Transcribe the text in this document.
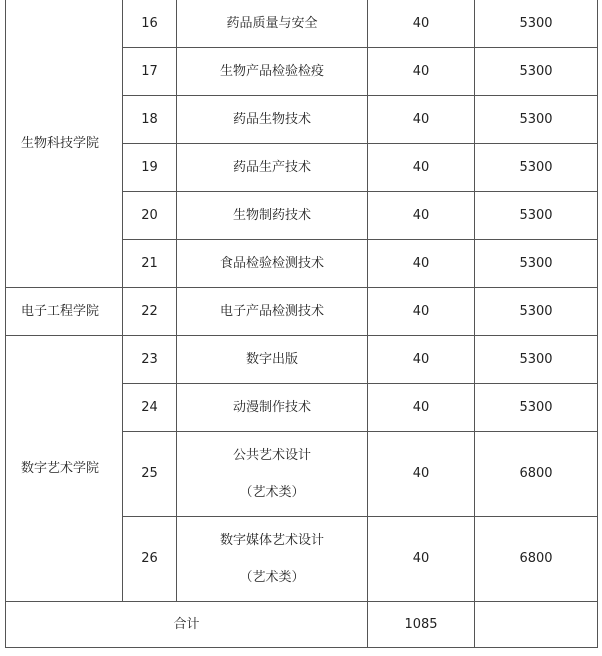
生物科技学院	16	药品质量与安全	40	5300
	17	生物产品检验检疫	40	5300
	18	药品生物技术	40	5300
	19	药品生产技术	40	5300
	20	生物制药技术	40	5300
	21	食品检验检测技术	40	5300
电子工程学院	22	电子产品检测技术	40	5300
数字艺术学院	23	数字出版	40	5300
	24	动漫制作技术	40	5300
	25	公共艺术设计
（艺术类）	40	6800
	26	数字媒体艺术设计
（艺术类）	40	6800
合计			1085	
